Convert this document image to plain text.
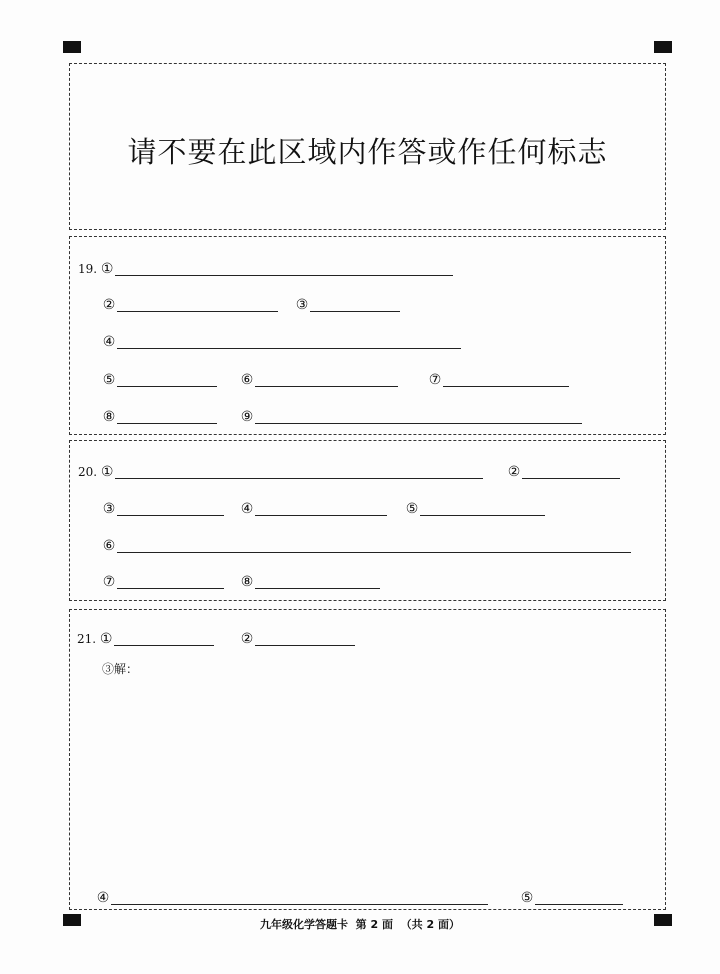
请不要在此区域内作答或作任何标志
19. ①
②	③
④
⑤	⑥	⑦
⑧	⑨
20. ①	②
③	④	⑤
⑥
⑦	⑧
21. ①	②
③解：
④	⑤
九年级化学答题卡  第 2 面  （共 2 面）
